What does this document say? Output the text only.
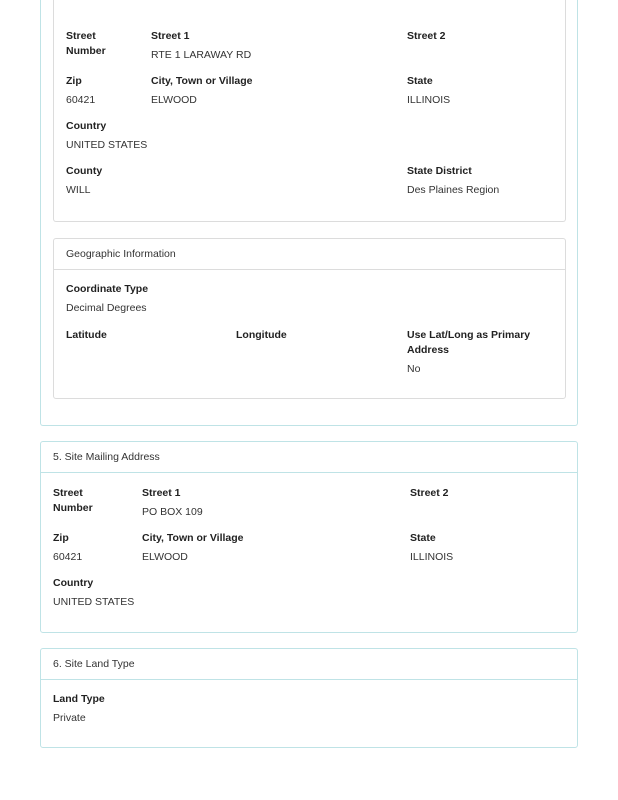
Street Number
Street 1
RTE 1 LARAWAY RD
Street 2
Zip
60421
City, Town or Village
ELWOOD
State
ILLINOIS
Country
UNITED STATES
County
WILL
State District
Des Plaines Region
Geographic Information
Coordinate Type
Decimal Degrees
Latitude	Longitude	Use Lat/Long as Primary Address
No
5. Site Mailing Address
Street Number
Street 1
PO BOX 109
Street 2
Zip
60421
City, Town or Village
ELWOOD
State
ILLINOIS
Country
UNITED STATES
6. Site Land Type
Land Type
Private
